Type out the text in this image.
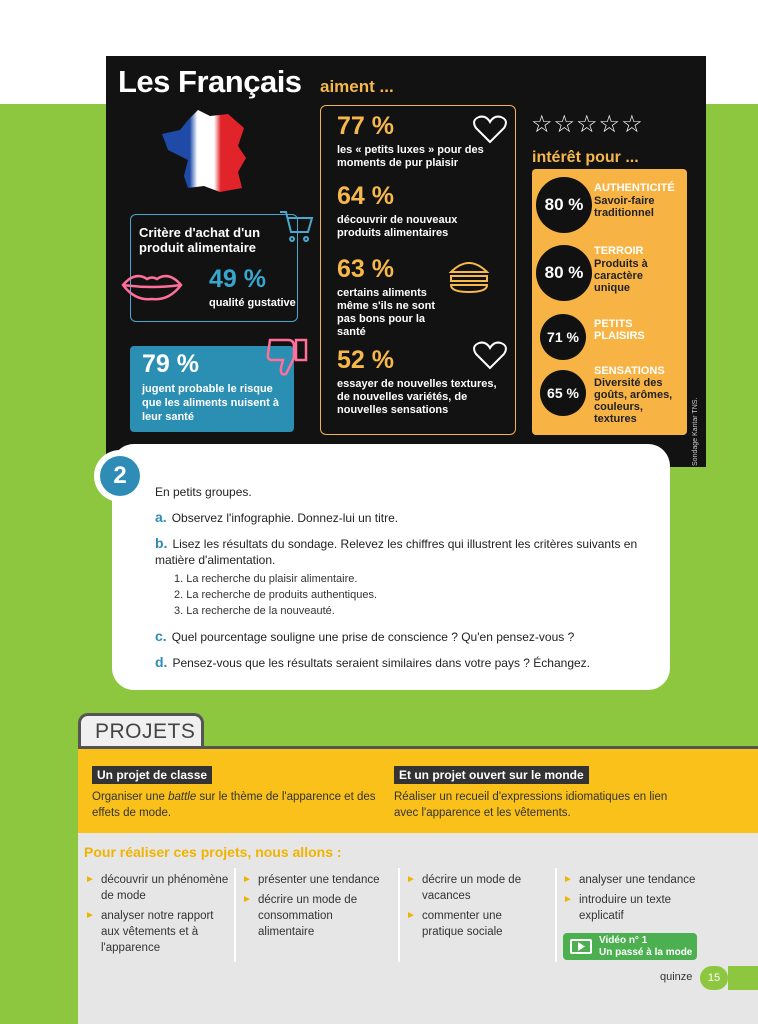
Les Français aiment ...
Critère d'achat d'un produit alimentaire
49 %
qualité gustative
79 %
jugent probable le risque que les aliments nuisent à leur santé
77 %
les « petits luxes » pour des moments de pur plaisir
64 %
découvrir de nouveaux produits alimentaires
63 %
certains aliments même s'ils ne sont pas bons pour la santé
52 %
essayer de nouvelles textures, de nouvelles variétés, de nouvelles sensations
☆☆☆☆☆
intérêt pour ...
80 %
AUTHENTICITÉ
Savoir-faire traditionnel
80 %
TERROIR
Produits à caractère unique
71 %
PETITS PLAISIRS
65 %
SENSATIONS
Diversité des goûts, arômes, couleurs, textures	Sondage Kantar TNS.
En petits groupes.
a. Observez l'infographie. Donnez-lui un titre.
b. Lisez les résultats du sondage. Relevez les chiffres qui illustrent les critères suivants en matière d'alimentation.
1. La recherche du plaisir alimentaire.
2. La recherche de produits authentiques.
3. La recherche de la nouveauté.
c. Quel pourcentage souligne une prise de conscience ? Qu'en pensez-vous ?
d. Pensez-vous que les résultats seraient similaires dans votre pays ? Échangez.
2
PROJETS
Un projet de classe
Organiser une battle sur le thème de l'apparence et des effets de mode.
Et un projet ouvert sur le monde
Réaliser un recueil d'expressions idiomatiques en lien avec l'apparence et les vêtements.
Pour réaliser ces projets, nous allons :
► découvrir un phénomène de mode
► analyser notre rapport aux vêtements et à l'apparence
► présenter une tendance
► décrire un mode de consommation alimentaire
► décrire un mode de vacances
► commenter une pratique sociale
► analyser une tendance
► introduire un texte explicatif
Vidéo n° 1
Un passé à la mode
quinze	15
